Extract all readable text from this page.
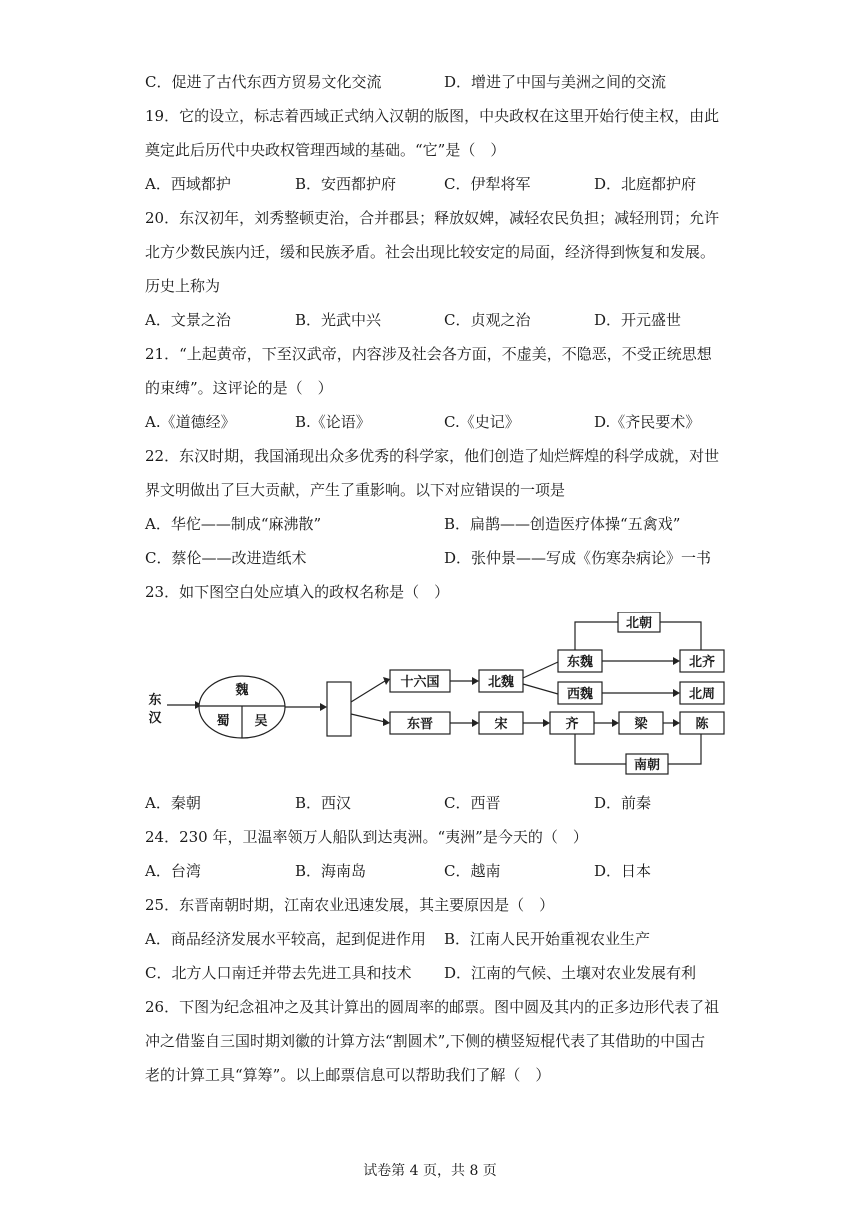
C．促进了古代东西方贸易文化交流	D．增进了中国与美洲之间的交流
19．它的设立，标志着西域正式纳入汉朝的版图，中央政权在这里开始行使主权，由此
奠定此后历代中央政权管理西域的基础。“它”是（　）
A．西域都护	B．安西都护府	C．伊犁将军	D．北庭都护府
20．东汉初年，刘秀整顿吏治，合并郡县；释放奴婢，减轻农民负担；减轻刑罚；允许
北方少数民族内迁，缓和民族矛盾。社会出现比较安定的局面，经济得到恢复和发展。
历史上称为
A．文景之治	B．光武中兴	C．贞观之治	D．开元盛世
21．“上起黄帝，下至汉武帝，内容涉及社会各方面，不虚美，不隐恶，不受正统思想
的束缚”。这评论的是（　）
A.《道德经》	B.《论语》	C.《史记》	D.《齐民要术》
22．东汉时期，我国涌现出众多优秀的科学家，他们创造了灿烂辉煌的科学成就，对世
界文明做出了巨大贡献，产生了重影响。以下对应错误的一项是
A．华佗——制成“麻沸散”	B．扁鹊——创造医疗体操“五禽戏”
C．蔡伦——改进造纸术	D．张仲景——写成《伤寒杂病论》一书
23．如下图空白处应填入的政权名称是（　）
东
汉
魏
蜀 吴
十六国	北魏
北朝
东魏	北齐
西魏	北周
东晋	宋	齐	梁	陈
南朝
A．秦朝	B．西汉	C．西晋	D．前秦
24．230 年，卫温率领万人船队到达夷洲。“夷洲”是今天的（　）
A．台湾	B．海南岛	C．越南	D．日本
25．东晋南朝时期，江南农业迅速发展，其主要原因是（　）
A．商品经济发展水平较高，起到促进作用 B．江南人民开始重视农业生产
C．北方人口南迁并带去先进工具和技术 D．江南的气候、土壤对农业发展有利
26．下图为纪念祖冲之及其计算出的圆周率的邮票。图中圆及其内的正多边形代表了祖
冲之借鉴自三国时期刘徽的计算方法“割圆术”,下侧的横竖短棍代表了其借助的中国古
老的计算工具“算筹”。以上邮票信息可以帮助我们了解（　）
试卷第 4 页，共 8 页
